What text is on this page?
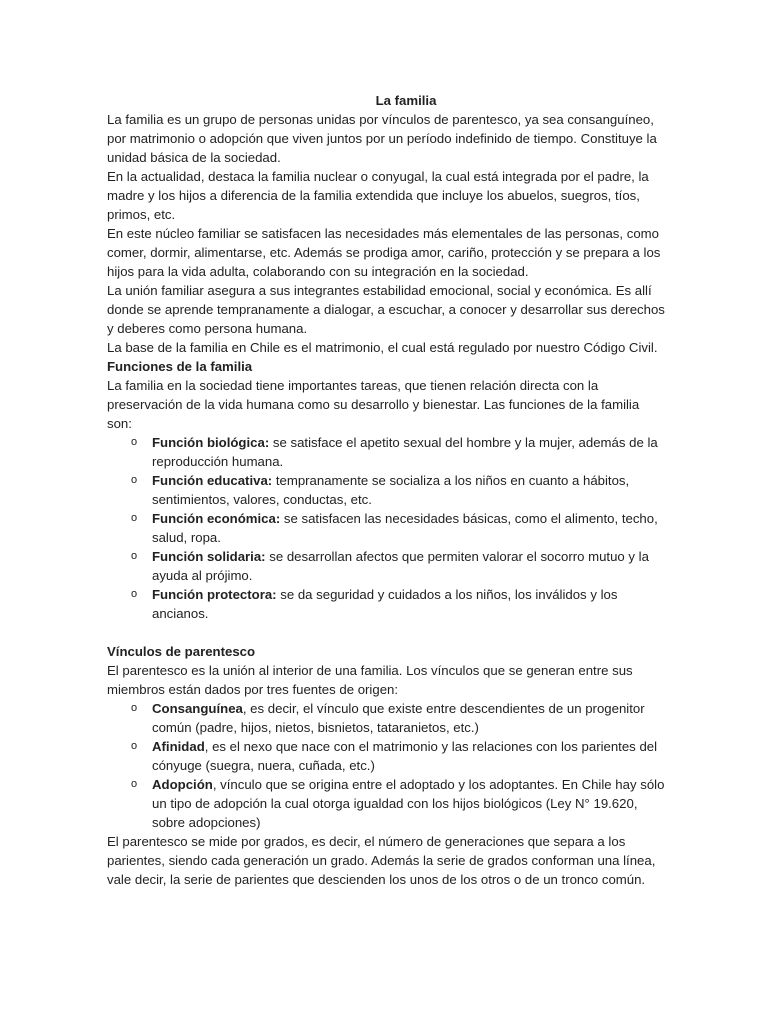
La familia

La familia es un grupo de personas unidas por vínculos de parentesco, ya sea consanguíneo, por matrimonio o adopción que viven juntos por un período indefinido de tiempo. Constituye la unidad básica de la sociedad.

En la actualidad, destaca la familia nuclear o conyugal, la cual está integrada por el padre, la madre y los hijos a diferencia de la familia extendida que incluye los abuelos, suegros, tíos, primos, etc.

En este núcleo familiar se satisfacen las necesidades más elementales de las personas, como comer, dormir, alimentarse, etc. Además se prodiga amor, cariño, protección y se prepara a los hijos para la vida adulta, colaborando con su integración en la sociedad.

La unión familiar asegura a sus integrantes estabilidad emocional, social y económica. Es allí donde se aprende tempranamente a dialogar, a escuchar, a conocer y desarrollar sus derechos y deberes como persona humana.

La base de la familia en Chile es el matrimonio, el cual está regulado por nuestro Código Civil.

Funciones de la familia

La familia en la sociedad tiene importantes tareas, que tienen relación directa con la preservación de la vida humana como su desarrollo y bienestar. Las funciones de la familia son:

o Función biológica: se satisface el apetito sexual del hombre y la mujer, además de la reproducción humana.
o Función educativa: tempranamente se socializa a los niños en cuanto a hábitos, sentimientos, valores, conductas, etc.
o Función económica: se satisfacen las necesidades básicas, como el alimento, techo, salud, ropa.
o Función solidaria: se desarrollan afectos que permiten valorar el socorro mutuo y la ayuda al prójimo.
o Función protectora: se da seguridad y cuidados a los niños, los inválidos y los ancianos.

Vínculos de parentesco

El parentesco es la unión al interior de una familia. Los vínculos que se generan entre sus miembros están dados por tres fuentes de origen:

o Consanguínea, es decir, el vínculo que existe entre descendientes de un progenitor común (padre, hijos, nietos, bisnietos, tataranietos, etc.)
o Afinidad, es el nexo que nace con el matrimonio y las relaciones con los parientes del cónyuge (suegra, nuera, cuñada, etc.)
o Adopción, vínculo que se origina entre el adoptado y los adoptantes. En Chile hay sólo un tipo de adopción la cual otorga igualdad con los hijos biológicos (Ley N° 19.620, sobre adopciones)

El parentesco se mide por grados, es decir, el número de generaciones que separa a los parientes, siendo cada generación un grado. Además la serie de grados conforman una línea, vale decir, la serie de parientes que descienden los unos de los otros o de un tronco común.
